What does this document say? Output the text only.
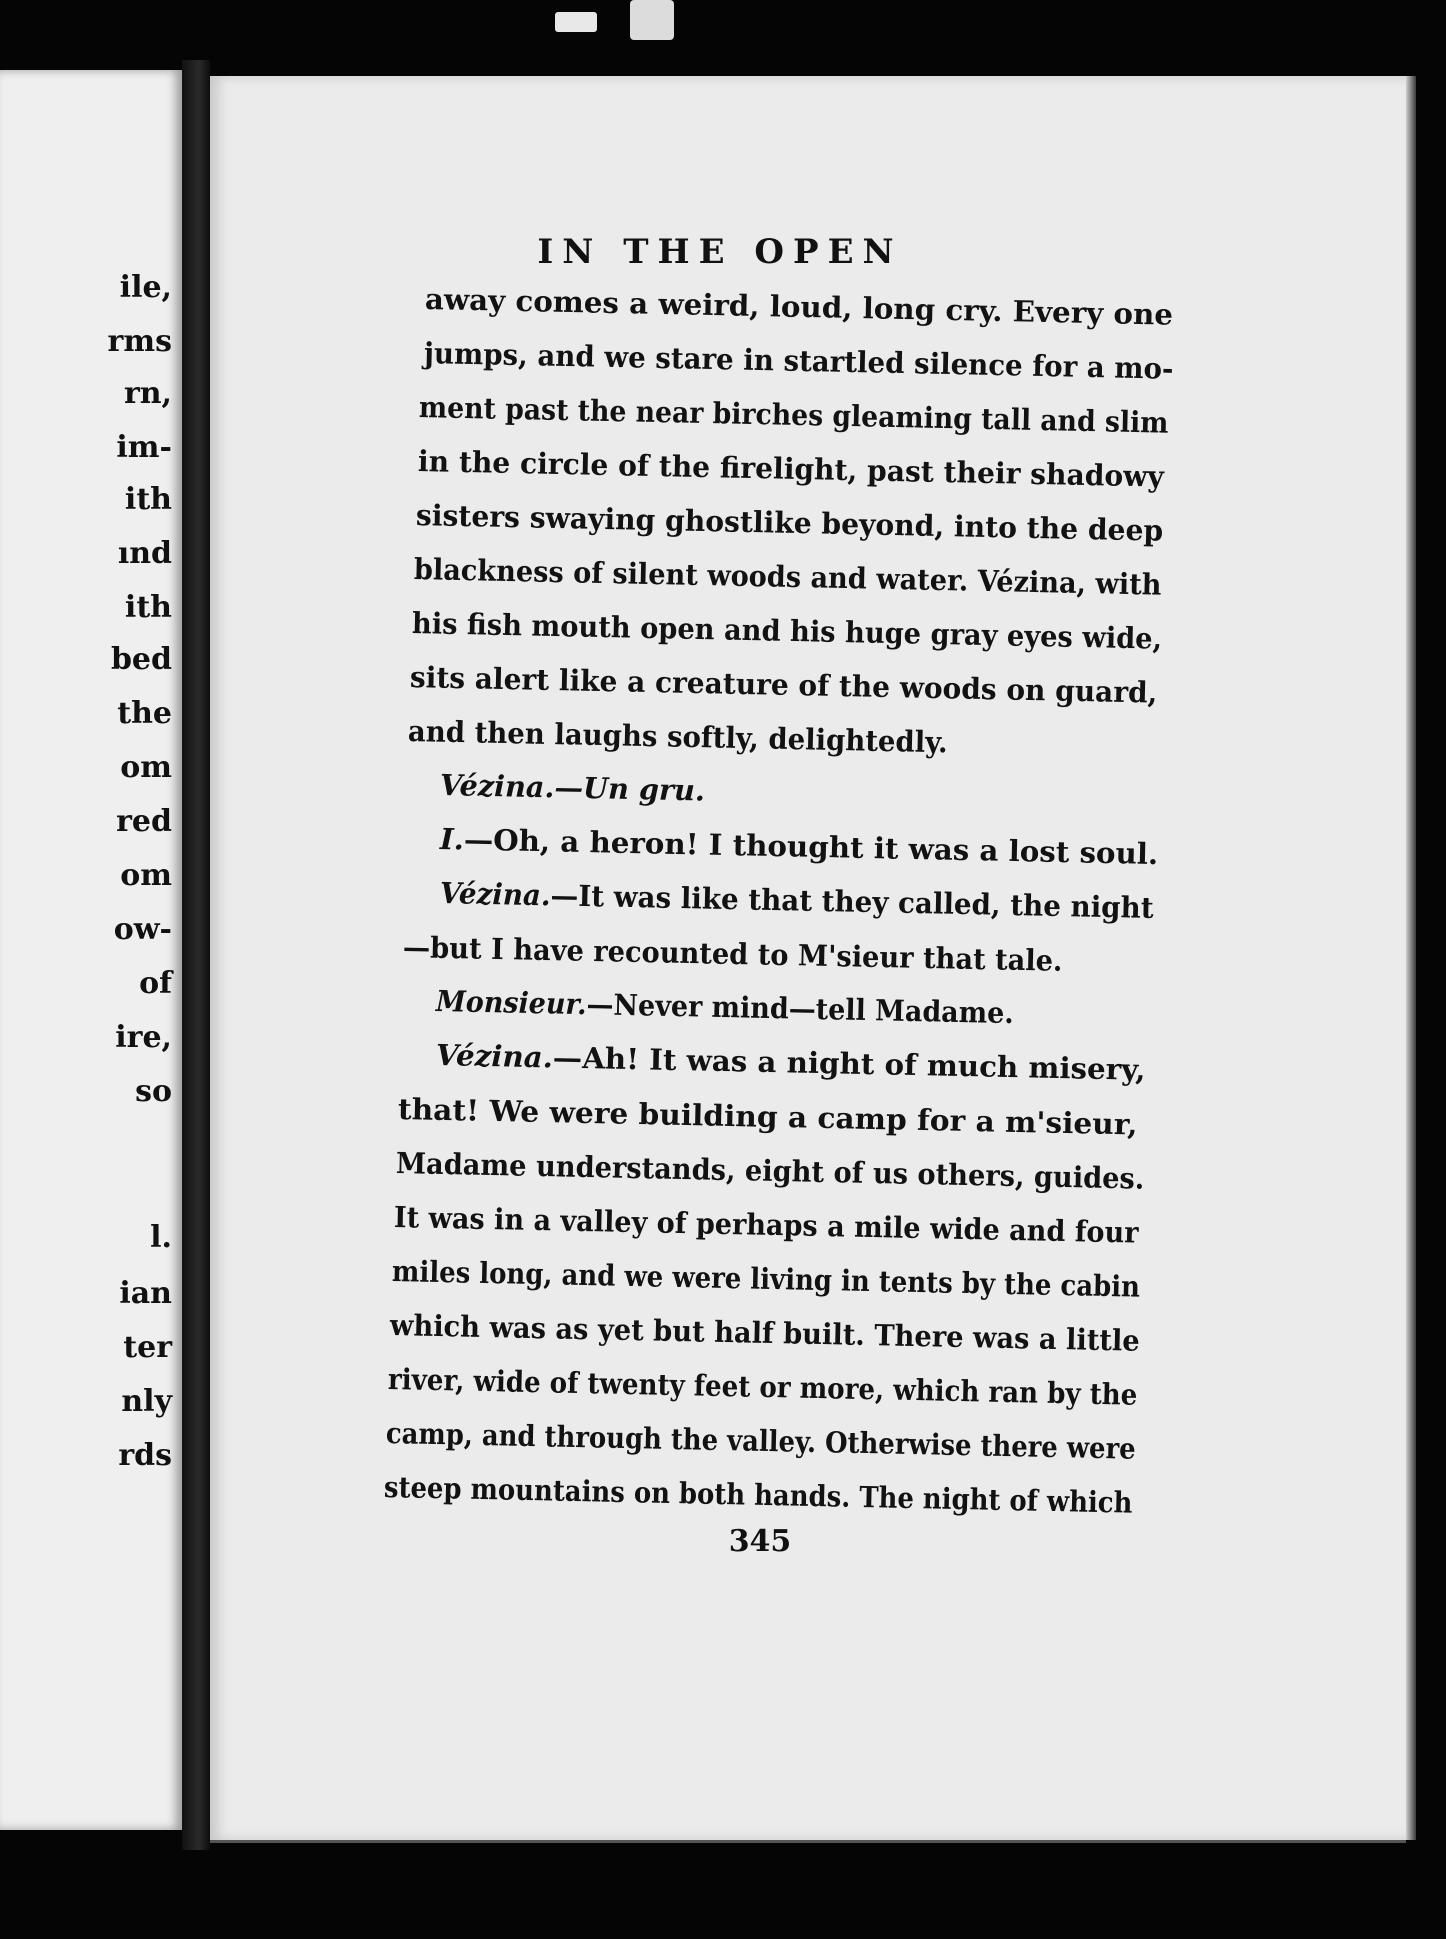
ile,
rms
rn,
im-
ith
ınd
ith
bed
the
om
red
om
ow-
of
ire,
so
l.
ian
ter
nly
rds
IN THE OPEN
away comes a weird, loud, long cry. Every one
jumps, and we stare in startled silence for a mo-
ment past the near birches gleaming tall and slim
in the circle of the firelight, past their shadowy
sisters swaying ghostlike beyond, into the deep
blackness of silent woods and water. Vézina, with
his fish mouth open and his huge gray eyes wide,
sits alert like a creature of the woods on guard,
and then laughs softly, delightedly.
Vézina.—Un gru.
I.—Oh, a heron! I thought it was a lost soul.
Vézina.—It was like that they called, the night
—but I have recounted to M'sieur that tale.
Monsieur.—Never mind—tell Madame.
Vézina.—Ah! It was a night of much misery,
that! We were building a camp for a m'sieur,
Madame understands, eight of us others, guides.
It was in a valley of perhaps a mile wide and four
miles long, and we were living in tents by the cabin
which was as yet but half built. There was a little
river, wide of twenty feet or more, which ran by the
camp, and through the valley. Otherwise there were
steep mountains on both hands. The night of which
345
